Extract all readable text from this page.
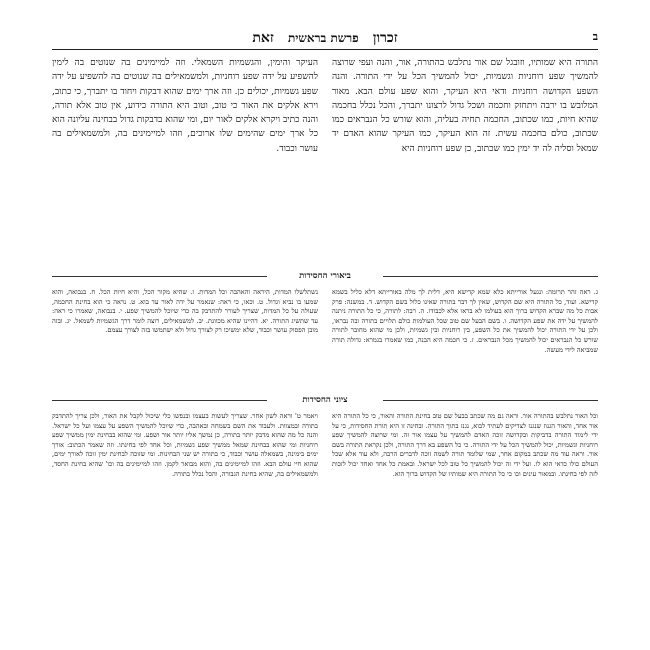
ב
זכרון פרשת בראשית זאת
התורה היא שמותיו, וזובגל שם אור נתלבש בהתורה, אור, והנה ועפי שרוצה להמשיך שפע רוחניות וגשמיות, יכול להמשיך הכל על ידי התורה. והנה השפע הקדושה רוחניות ודאי היא העיקר, והוא שפע עולם הבא. מאור המלובש בו ירבה ויתחזק וחכמה ושכל גדול לרצונו יתברך, והכל נכלל בחכמה שהיא חיות, כמו שכתוב, החכמה תחיה בעליה, והוא שורש כל הנבראים כמו שכתוב, כולם בחכמה עשית. זה הוא העיקר, כמו העיקר שהוא האדם יד שמאל וסליה לה יד ימין כמו שכתוב, כן שפע רוחניות היא
העיקר והימין, והגשמיות השמאלי. וזה למיימינים בה שנוטים בה לימין להשפיע על ידה שפע רוחניות, ולמשמאילים בה שנוטים בה להשפיע על ידה שפע גשמיות, יכולים כן. וזה ארך ימים שהוא דבקות ויחוד בו יתברך, כי כתוב, וירא אלקים את האור כי טוב, וטוב היא התורה כידוע, אין טוב אלא תורה, והנה כתיב ויקרא אלקים לאור יום, ומי שהוא בדבקות גדול בבחינה עליונה הוא כל ארך ימים שהימים שלו ארוכים, וזהו למיימינים בה, ולמשמאילים בה עושר וכבוד.
ביאורי החסידות
ג. ראה זהר תרומה: ונגעל אורייתא כלא שמא קדישא היא, דלית לך מלה באורייתא דלא כליל בשמא קדישא. ועוד, כל התורה היא שם הקדוש, שאין לך דבר בתורה שאינו כלול בשם הקדוש. ד. במשנה: פרק אבות כל מה שברא הקדוש ברוך הוא בעולמו לא בראו אלא לכבודו. ה. רבה: לתורה, כי כל התורה ניתנה להמשיך על ידה את שפע הקדושה. ו. בשם הבעל שם טוב שכל העולמות כולם תלויים בתורה ובה נבראו, ולכן על ידי התורה יכול להמשיך את כל השפע, בין רוחניות ובין גשמיות, ולכן מי שהוא מחובר לתורה שורש כל הנבראים יכול להמשיך מכל הנבראים. ז. כי חכמה היא הבנה, כמו שאמרו בגמרא: גדולה תורה שמביאה לידי מעשה.
נשתלשלו המדות, היראה והאהבה וכל המדות. ז. שהיא מקור הכל, והיא חיות הכל. ח. בנבואה, והוא שמעו בו נביא וגדול. ט. וכאו, כי ראה: שנאמר על ידה לאור עד בוא. ט. נראה כי הוא בחינת החכמה, שעולה על כל המדות, שצריך לעורר להתדבק בה כדי שיוכל להמשיך שפע. י. בנבואה, שאמרו כי ראה: עד שתשיג התורה. יא. דהיינו שהיא מכוונת. יב. למשמאילים, רוצה לומר דרך הגשמיות לשמאל. יג. ובזה מובן הפסוק עושר וכבוד, שלא ימשיכו רק לצורך גדול ולא ישתמשו בזה לצורך עצמם.
ציוני החסידות
וכל האור נתלבש בהתורה אור. וראה גם מה שכתב בבעל שם טוב בחינת התורה והאור, כי כל התורה היא אור אחד, והאור הגנוז שנגנז לצדיקים לעתיד לבוא, נגנז בתוך התורה. ובחינה זו היא תורת החסידות, כי על ידי לימוד התורה בדביקות ובקדושה זוכה האדם להמשיך על עצמו אור זה. ומי שרוצה להמשיך שפע רוחניות וגשמיות, יכול להמשיך הכל על ידי התורה. כי כל השפע בא דרך התורה, ולכן נקראת התורה בשם אור. וראה עוד מה שכתב במקום אחר, שמי שלומד תורה לשמה זוכה לדברים הרבה, ולא עוד אלא שכל העולם כולו כדאי הוא לו. ועל ידי זה יכול להמשיך כל טוב לכל ישראל. ובאמת כל אחד ואחד יכול לזכות לזה לפי בחינתו. ובמאור עינים וכו כי כל התורה היא שמותיו של הקדוש ברוך הוא.
ויאמר ט' וראה לשון אחר. שצריך לעשות בעצמו ובנפשו כלי שיכול לקבל את האור, ולכן צריך להתדבק בתורה ובמצוות. ולעבוד את השם בשמחה ובאהבה, כדי שיוכל להמשיך השפע על עצמו ועל כל ישראל. והנה כל מה שהוא מדבק יותר בתורה, כן נמשך אליו יותר אור ושפע. ומי שהוא בבחינת ימין ממשיך שפע רוחניות ומי שהוא בבחינת שמאל ממשיך שפע גשמיות, וכל אחד לפי בחינתו. וזה שאמר הכתוב: אורך ימים בימינה, בשמאלה עושר וכבוד, כי בתורה יש שני הבחינות. ומי שזוכה לבחינת ימין זוכה לאורך ימים, שהוא חיי עולם הבא. וזהו למיימינים בה, והוא מבואר לקמן. וזהו למיימינים בה וכו' שהיא בחינת החסד, ולמשמאילים בה, שהיא בחינת הגבורה, והכל נכלל בתורה.
